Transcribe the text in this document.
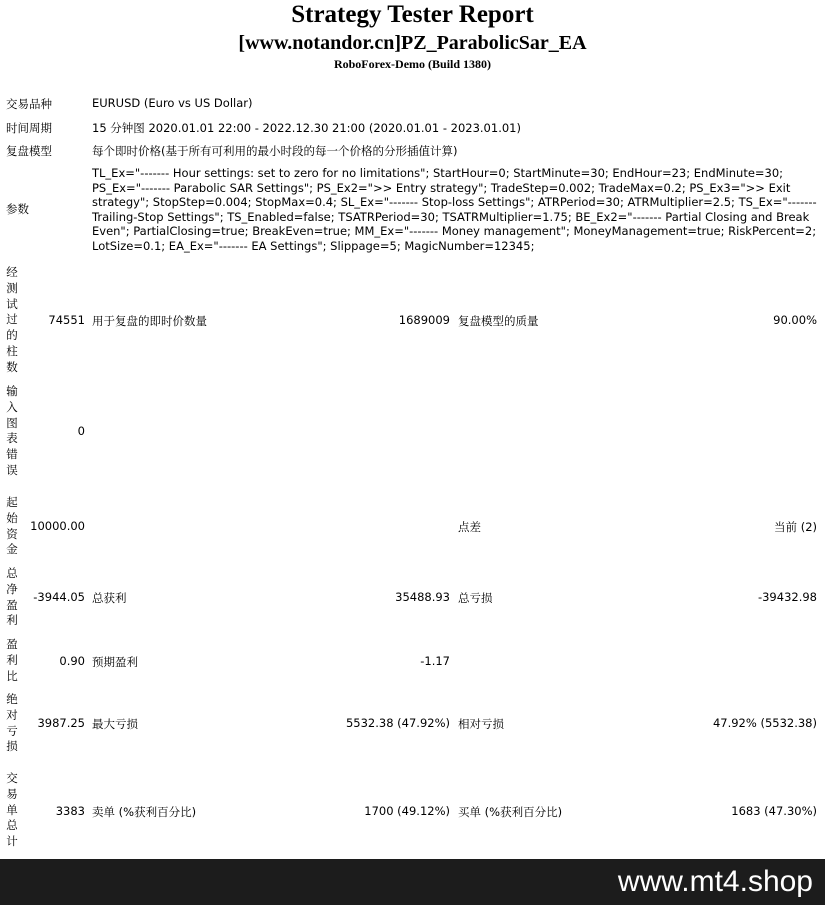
Strategy Tester Report
[www.notandor.cn]PZ_ParabolicSar_EA
RoboForex-Demo (Build 1380)
交易品种	EURUSD (Euro vs US Dollar)
时间周期	15 分钟图 2020.01.01 22:00 - 2022.12.30 21:00 (2020.01.01 - 2023.01.01)
复盘模型	每个即时价格(基于所有可利用的最小时段的每一个价格的分形插值计算)
参数
TL_Ex="------- Hour settings: set to zero for no limitations"; StartHour=0; StartMinute=30; EndHour=23; EndMinute=30; PS_Ex="------- Parabolic SAR Settings"; PS_Ex2=">> Entry strategy"; TradeStep=0.002; TradeMax=0.2; PS_Ex3=">> Exit strategy"; StopStep=0.004; StopMax=0.4; SL_Ex="------- Stop-loss Settings"; ATRPeriod=30; ATRMultiplier=2.5; TS_Ex="------- Trailing-Stop Settings"; TS_Enabled=false; TSATRPeriod=30; TSATRMultiplier=1.75; BE_Ex2="------- Partial Closing and Break Even"; PartialClosing=true; BreakEven=true; MM_Ex="------- Money management"; MoneyManagement=true; RiskPercent=2; LotSize=0.1; EA_Ex="------- EA Settings"; Slippage=5; MagicNumber=12345;
经测试过的柱数
74551 用于复盘的即时价数量	1689009 复盘模型的质量	90.00%
输入图表错误
0
起始资金
10000.00	点差	当前 (2)
总净盈利
-3944.05 总获利	35488.93 总亏损	-39432.98
盈利比
0.90 预期盈利	-1.17
绝对亏损
3987.25 最大亏损	5532.38 (47.92%) 相对亏损	47.92% (5532.38)
交易单总计
3383 卖单 (%获利百分比)	1700 (49.12%) 买单 (%获利百分比)	1683 (47.30%)
www.mt4.shop
